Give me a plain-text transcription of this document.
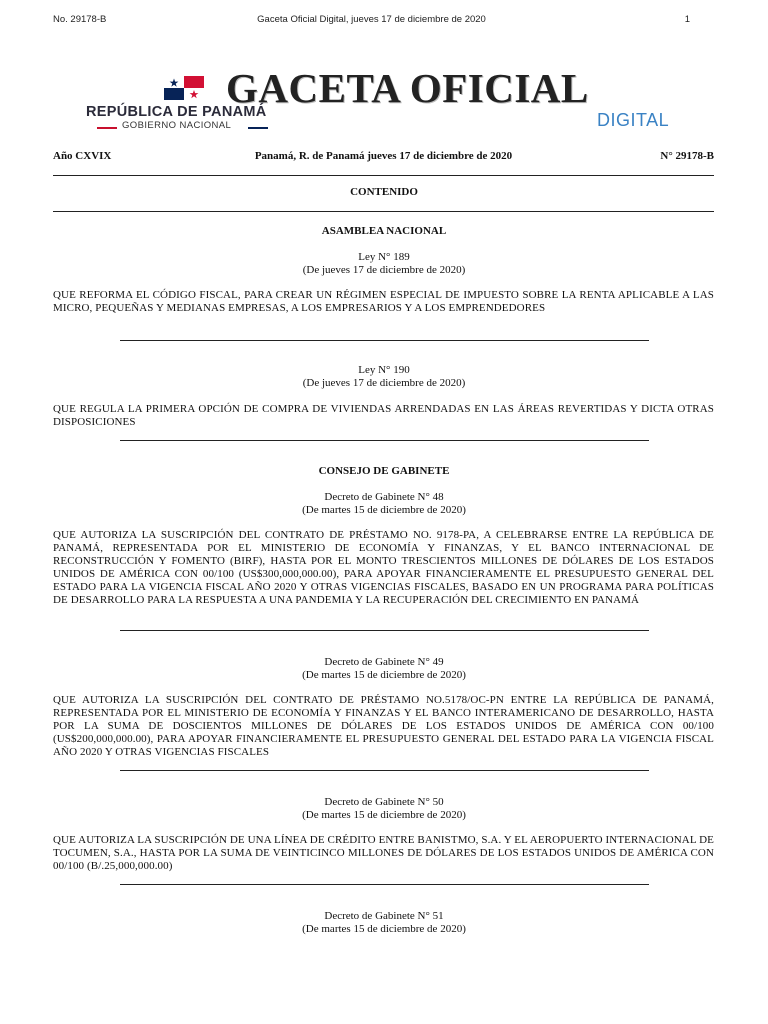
No. 29178-B	Gaceta Oficial Digital, jueves 17 de diciembre de 2020	1
GACETA OFICIAL
REPÚBLICA DE PANAMÁ
GOBIERNO NACIONAL	DIGITAL
Año CXVIX	Panamá, R. de Panamá jueves 17 de diciembre de 2020	N° 29178-B
CONTENIDO
ASAMBLEA NACIONAL
Ley N° 189
(De jueves 17 de diciembre de 2020)
QUE REFORMA EL CÓDIGO FISCAL, PARA CREAR UN RÉGIMEN ESPECIAL DE IMPUESTO SOBRE LA RENTA APLICABLE A LAS MICRO, PEQUEÑAS Y MEDIANAS EMPRESAS, A LOS EMPRESARIOS Y A LOS EMPRENDEDORES
Ley N° 190
(De jueves 17 de diciembre de 2020)
QUE REGULA LA PRIMERA OPCIÓN DE COMPRA DE VIVIENDAS ARRENDADAS EN LAS ÁREAS REVERTIDAS Y DICTA OTRAS DISPOSICIONES
CONSEJO DE GABINETE
Decreto de Gabinete N° 48
(De martes 15 de diciembre de 2020)
QUE AUTORIZA LA SUSCRIPCIÓN DEL CONTRATO DE PRÉSTAMO NO. 9178-PA, A CELEBRARSE ENTRE LA REPÚBLICA DE PANAMÁ, REPRESENTADA POR EL MINISTERIO DE ECONOMÍA Y FINANZAS, Y EL BANCO INTERNACIONAL DE RECONSTRUCCIÓN Y FOMENTO (BIRF), HASTA POR EL MONTO TRESCIENTOS MILLONES DE DÓLARES DE LOS ESTADOS UNIDOS DE AMÉRICA CON 00/100 (US$300,000,000.00), PARA APOYAR FINANCIERAMENTE EL PRESUPUESTO GENERAL DEL ESTADO PARA LA VIGENCIA FISCAL AÑO 2020 Y OTRAS VIGENCIAS FISCALES, BASADO EN UN PROGRAMA PARA POLÍTICAS DE DESARROLLO PARA LA RESPUESTA A UNA PANDEMIA Y LA RECUPERACIÓN DEL CRECIMIENTO EN PANAMÁ
Decreto de Gabinete N° 49
(De martes 15 de diciembre de 2020)
QUE AUTORIZA LA SUSCRIPCIÓN DEL CONTRATO DE PRÉSTAMO NO.5178/OC-PN ENTRE LA REPÚBLICA DE PANAMÁ, REPRESENTADA POR EL MINISTERIO DE ECONOMÍA Y FINANZAS Y EL BANCO INTERAMERICANO DE DESARROLLO, HASTA POR LA SUMA DE DOSCIENTOS MILLONES DE DÓLARES DE LOS ESTADOS UNIDOS DE AMÉRICA CON 00/100 (US$200,000,000.00), PARA APOYAR FINANCIERAMENTE EL PRESUPUESTO GENERAL DEL ESTADO PARA LA VIGENCIA FISCAL AÑO 2020 Y OTRAS VIGENCIAS FISCALES
Decreto de Gabinete N° 50
(De martes 15 de diciembre de 2020)
QUE AUTORIZA LA SUSCRIPCIÓN DE UNA LÍNEA DE CRÉDITO ENTRE BANISTMO, S.A. Y EL AEROPUERTO INTERNACIONAL DE TOCUMEN, S.A., HASTA POR LA SUMA DE VEINTICINCO MILLONES DE DÓLARES DE LOS ESTADOS UNIDOS DE AMÉRICA CON 00/100 (B/.25,000,000.00)
Decreto de Gabinete N° 51
(De martes 15 de diciembre de 2020)
